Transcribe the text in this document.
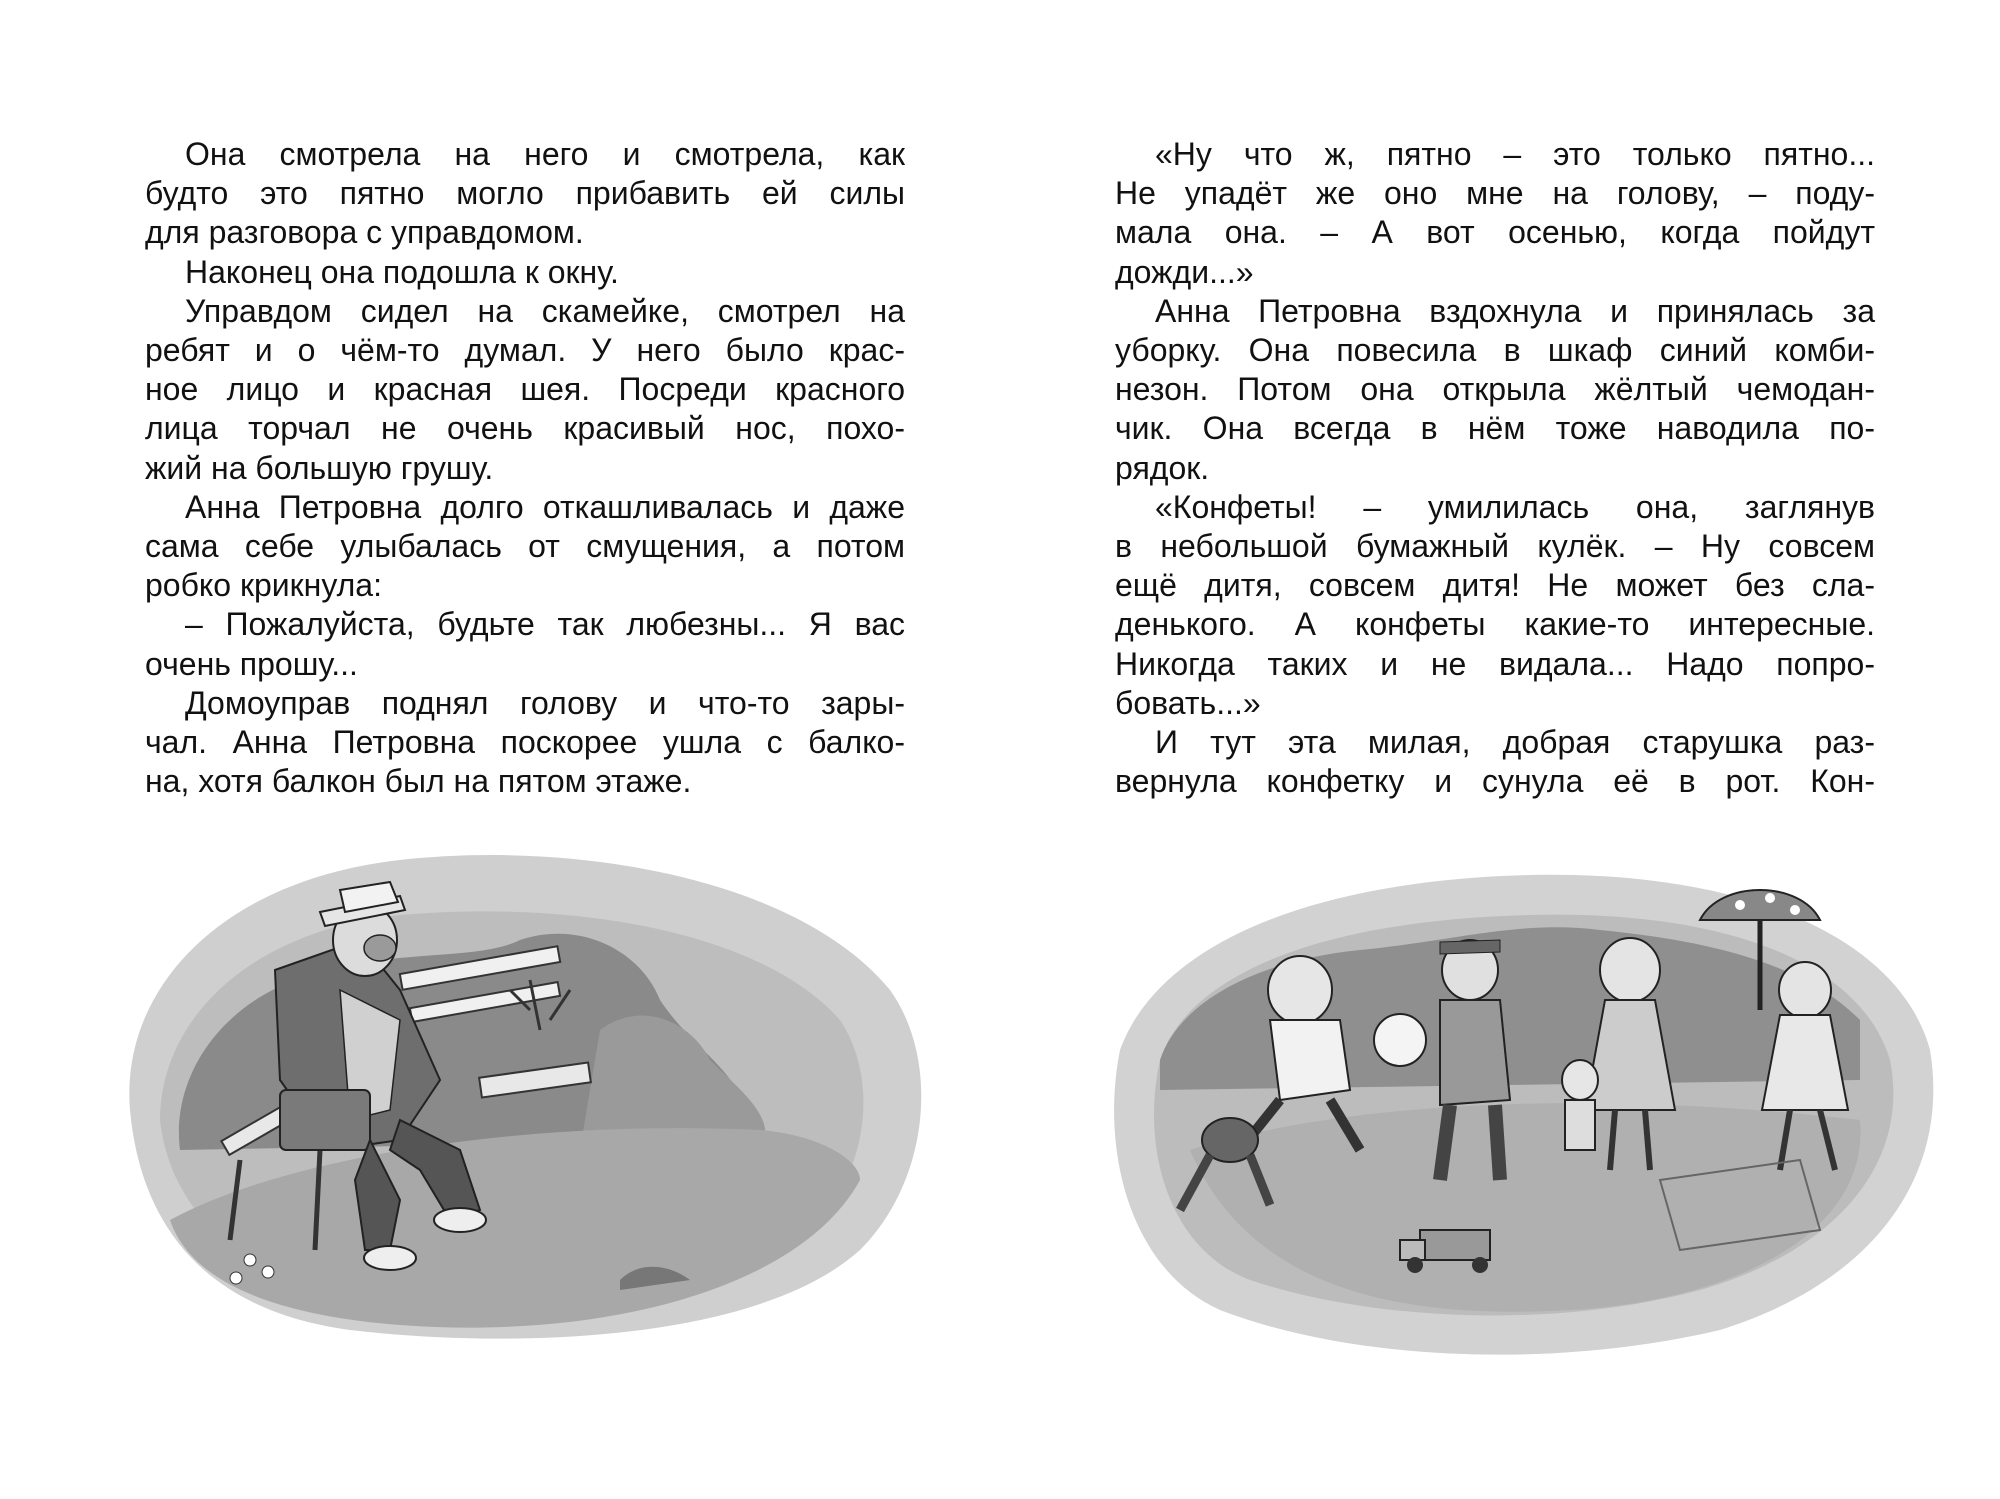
Она смотрела на него и смотрела, как
будто это пятно могло прибавить ей силы
для разговора с управдомом.
Наконец она подошла к окну.
Управдом сидел на скамейке, смотрел на
ребят и о чём-то думал. У него было крас-
ное лицо и красная шея. Посреди красного
лица торчал не очень красивый нос, похо-
жий на большую грушу.
Анна Петровна долго откашливалась и даже
сама себе улыбалась от смущения, а потом
робко крикнула:
– Пожалуйста, будьте так любезны... Я вас
очень прошу...
Домоуправ поднял голову и что-то зары-
чал. Анна Петровна поскорее ушла с балко-
на, хотя балкон был на пятом этаже.
«Ну что ж, пятно – это только пятно...
Не упадёт же оно мне на голову, – поду-
мала она. – А вот осенью, когда пойдут
дожди...»
Анна Петровна вздохнула и принялась за
уборку. Она повесила в шкаф синий комби-
незон. Потом она открыла жёлтый чемодан-
чик. Она всегда в нём тоже наводила по-
рядок.
«Конфеты! – умилилась она, заглянув
в небольшой бумажный кулёк. – Ну совсем
ещё дитя, совсем дитя! Не может без сла-
денького. А конфеты какие-то интересные.
Никогда таких и не видала... Надо попро-
бовать...»
И тут эта милая, добрая старушка раз-
вернула конфетку и сунула её в рот. Кон-
